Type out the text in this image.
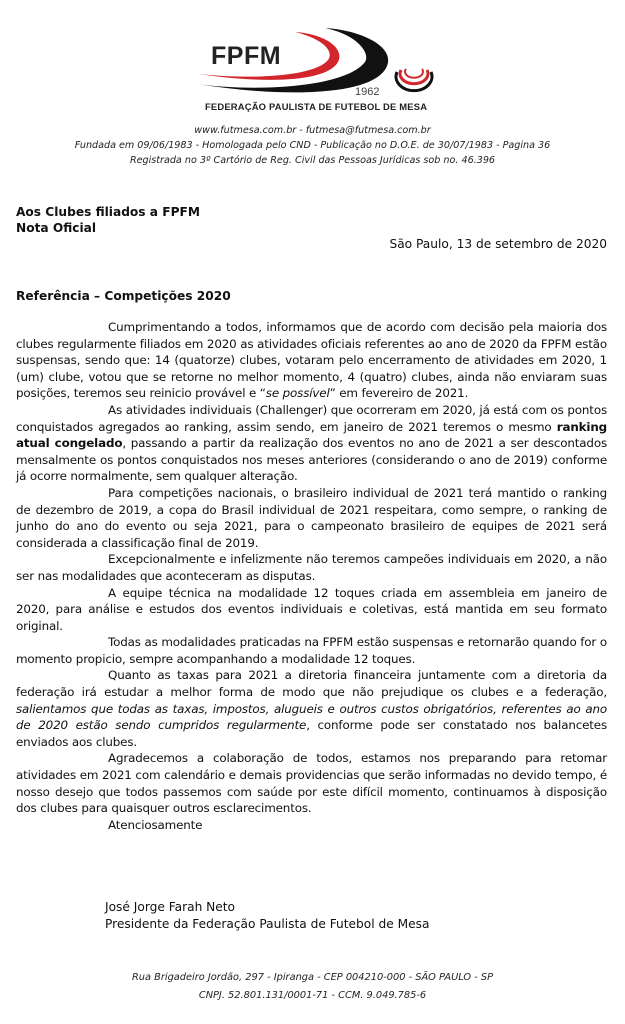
FPFM
1962
FEDERAÇÃO PAULISTA DE FUTEBOL DE MESA
www.futmesa.com.br - futmesa@futmesa.com.br
Fundada em 09/06/1983 - Homologada pelo CND - Publicação no D.O.E. de 30/07/1983 - Pagina 36
Registrada no 3º Cartório de Reg. Civil das Pessoas Jurídicas sob no. 46.396
Aos Clubes filiados a FPFM
Nota Oficial
São Paulo, 13 de setembro de 2020
Referência – Competições 2020

Cumprimentando a todos, informamos que de acordo com decisão pela maioria dos clubes regularmente filiados em 2020 as atividades oficiais referentes ao ano de 2020 da FPFM estão suspensas, sendo que: 14 (quatorze) clubes, votaram pelo encerramento de atividades em 2020, 1 (um) clube, votou que se retorne no melhor momento, 4 (quatro) clubes, ainda não enviaram suas posições, teremos seu reinicio provável e “se possível” em fevereiro de 2021.

As atividades individuais (Challenger) que ocorreram em 2020, já está com os pontos conquistados agregados ao ranking, assim sendo, em janeiro de 2021 teremos o mesmo ranking atual congelado, passando a partir da realização dos eventos no ano de 2021 a ser descontados mensalmente os pontos conquistados nos meses anteriores (considerando o ano de 2019) conforme já ocorre normalmente, sem qualquer alteração.

Para competições nacionais, o brasileiro individual de 2021 terá mantido o ranking de dezembro de 2019, a copa do Brasil individual de 2021 respeitara, como sempre, o ranking de junho do ano do evento ou seja 2021, para o campeonato brasileiro de equipes de 2021 será considerada a classificação final de 2019.

Excepcionalmente e infelizmente não teremos campeões individuais em 2020, a não ser nas modalidades que aconteceram as disputas.

A equipe técnica na modalidade 12 toques criada em assembleia em janeiro de 2020, para análise e estudos dos eventos individuais e coletivas, está mantida em seu formato original.

Todas as modalidades praticadas na FPFM estão suspensas e retornarão quando for o momento propicio, sempre acompanhando a modalidade 12 toques.

Quanto as taxas para 2021 a diretoria financeira juntamente com a diretoria da federação irá estudar a melhor forma de modo que não prejudique os clubes e a federação, salientamos que todas as taxas, impostos, alugueis e outros custos obrigatórios, referentes ao ano de 2020 estão sendo cumpridos regularmente, conforme pode ser constatado nos balancetes enviados aos clubes.

Agradecemos a colaboração de todos, estamos nos preparando para retomar atividades em 2021 com calendário e demais providencias que serão informadas no devido tempo, é nosso desejo que todos passemos com saúde por este difícil momento, continuamos à disposição dos clubes para quaisquer outros esclarecimentos.

Atenciosamente
José Jorge Farah Neto
Presidente da Federação Paulista de Futebol de Mesa
Rua Brigadeiro Jordão, 297 - Ipiranga - CEP 004210-000 - SÃO PAULO - SP
CNPJ. 52.801.131/0001-71 - CCM. 9.049.785-6
